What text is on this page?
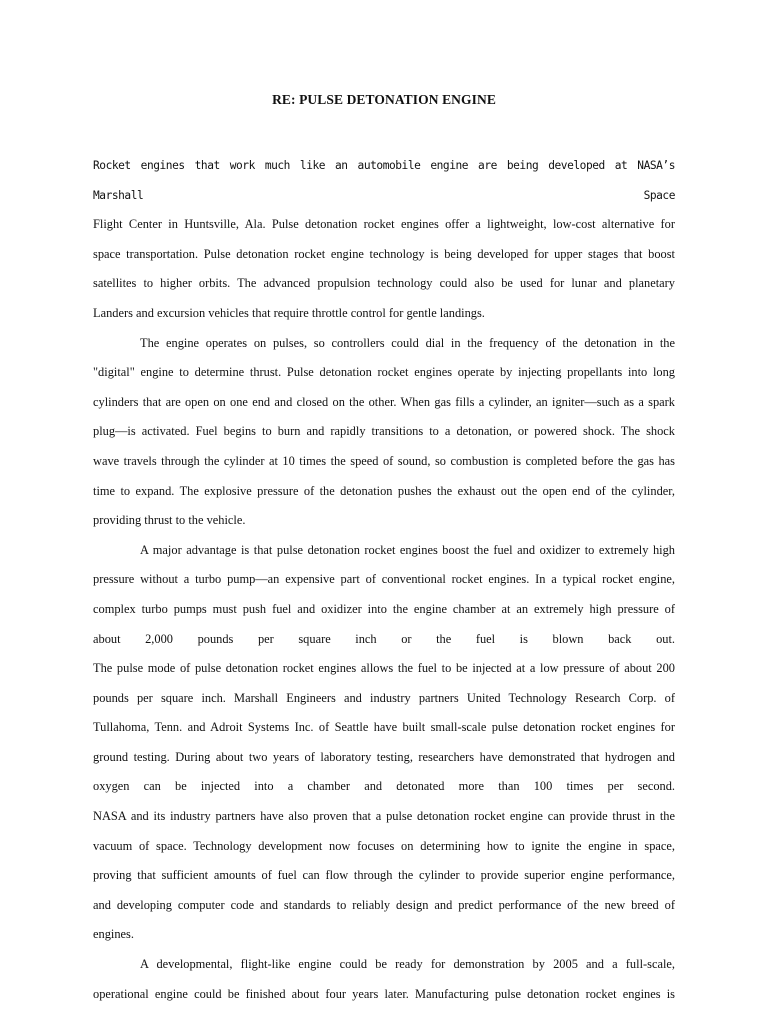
RE: PULSE DETONATION ENGINE

Rocket engines that work much like an automobile engine are being developed at NASA’s Marshall Space
Flight Center in Huntsville, Ala. Pulse detonation rocket engines offer a lightweight, low-cost alternative for
space transportation. Pulse detonation rocket engine technology is being developed for upper stages that boost
satellites to higher orbits. The advanced propulsion technology could also be used for lunar and planetary
Landers and excursion vehicles that require throttle control for gentle landings.

The engine operates on pulses, so controllers could dial in the frequency of the detonation in the
"digital" engine to determine thrust. Pulse detonation rocket engines operate by injecting propellants into long
cylinders that are open on one end and closed on the other. When gas fills a cylinder, an igniter—such as a spark
plug—is activated. Fuel begins to burn and rapidly transitions to a detonation, or powered shock. The shock
wave travels through the cylinder at 10 times the speed of sound, so combustion is completed before the gas has
time to expand. The explosive pressure of the detonation pushes the exhaust out the open end of the cylinder,
providing thrust to the vehicle.

A major advantage is that pulse detonation rocket engines boost the fuel and oxidizer to extremely high
pressure without a turbo pump—an expensive part of conventional rocket engines. In a typical rocket engine,
complex turbo pumps must push fuel and oxidizer into the engine chamber at an extremely high pressure of
about 2,000 pounds per square inch or the fuel is blown back out.
The pulse mode of pulse detonation rocket engines allows the fuel to be injected at a low pressure of about 200
pounds per square inch. Marshall Engineers and industry partners United Technology Research Corp. of
Tullahoma, Tenn. and Adroit Systems Inc. of Seattle have built small-scale pulse detonation rocket engines for
ground testing. During about two years of laboratory testing, researchers have demonstrated that hydrogen and
oxygen can be injected into a chamber and detonated more than 100 times per second.
NASA and its industry partners have also proven that a pulse detonation rocket engine can provide thrust in the
vacuum of space. Technology development now focuses on determining how to ignite the engine in space,
proving that sufficient amounts of fuel can flow through the cylinder to provide superior engine performance,
and developing computer code and standards to reliably design and predict performance of the new breed of
engines.

A developmental, flight-like engine could be ready for demonstration by 2005 and a full-scale,
operational engine could be finished about four years later. Manufacturing pulse detonation rocket engines is
